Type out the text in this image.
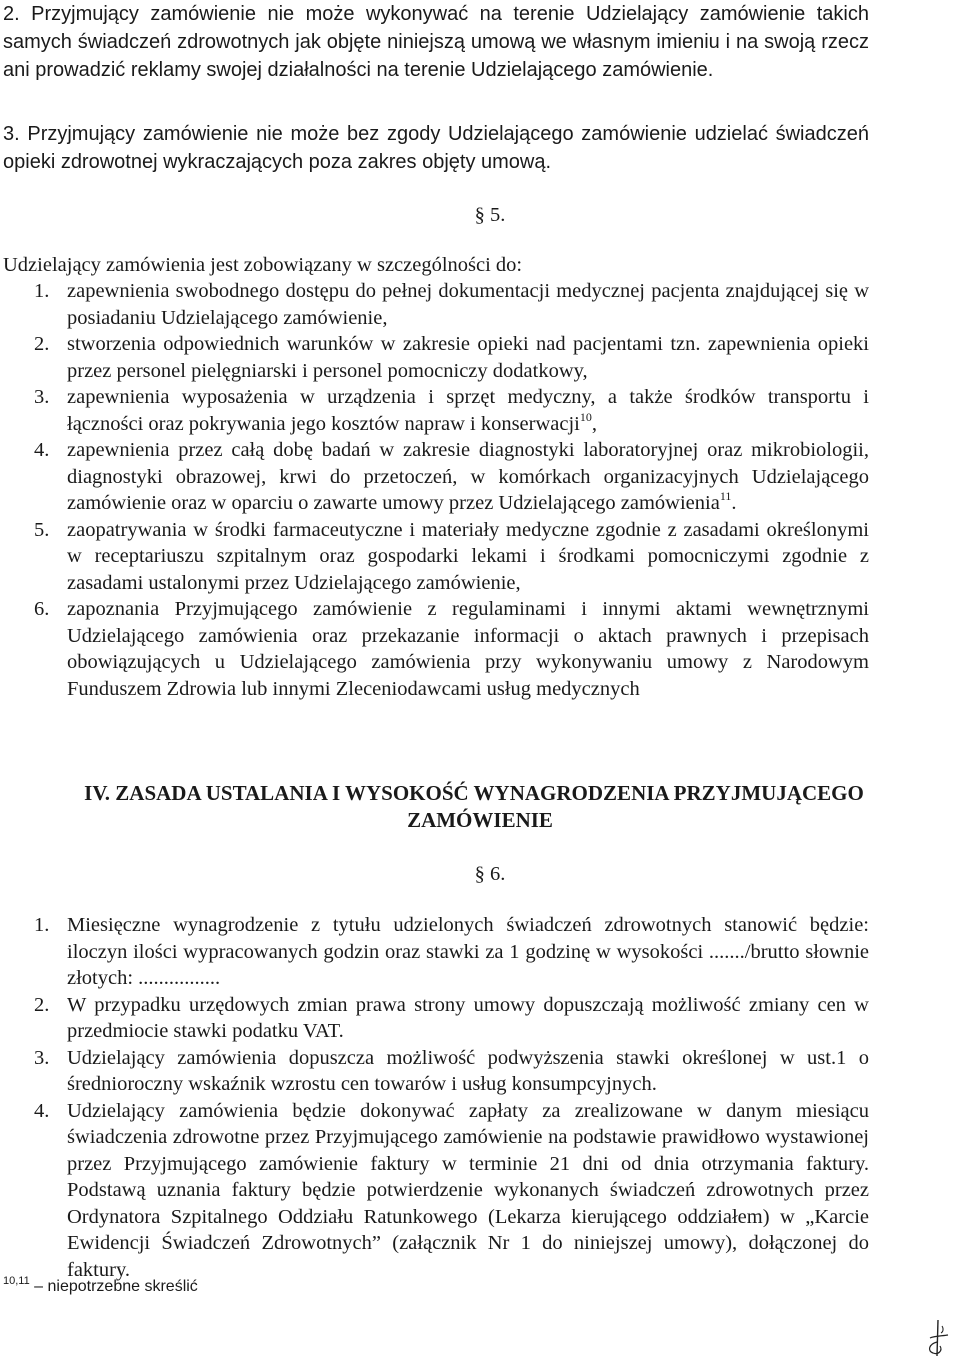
2. Przyjmujący zamówienie nie może wykonywać na terenie Udzielający zamówienie takich samych świadczeń zdrowotnych jak objęte niniejszą umową we własnym imieniu i na swoją rzecz ani prowadzić reklamy swojej działalności na terenie Udzielającego zamówienie.

3. Przyjmujący zamówienie nie może bez zgody Udzielającego zamówienie udzielać świadczeń opieki zdrowotnej wykraczających poza zakres objęty umową.

§ 5.

Udzielający zamówienia jest zobowiązany w szczególności do:

1. zapewnienia swobodnego dostępu do pełnej dokumentacji medycznej pacjenta znajdującej się w posiadaniu Udzielającego zamówienie,
2. stworzenia odpowiednich warunków w zakresie opieki nad pacjentami tzn. zapewnienia opieki przez personel pielęgniarski i personel pomocniczy dodatkowy,
3. zapewnienia wyposażenia w urządzenia i sprzęt medyczny, a także środków transportu i łączności oraz pokrywania jego kosztów napraw i konserwacji$^{10}$,
4. zapewnienia przez całą dobę badań w zakresie diagnostyki laboratoryjnej oraz mikrobiologii, diagnostyki obrazowej, krwi do przetoczeń, w komórkach organizacyjnych Udzielającego zamówienie oraz w oparciu o zawarte umowy przez Udzielającego zamówienia$^{11}$.
5. zaopatrywania w środki farmaceutyczne i materiały medyczne zgodnie z zasadami określonymi w receptariuszu szpitalnym oraz gospodarki lekami i środkami pomocniczymi zgodnie z zasadami ustalonymi przez Udzielającego zamówienie,
6. zapoznania Przyjmującego zamówienie z regulaminami i innymi aktami wewnętrznymi Udzielającego zamówienia oraz przekazanie informacji o aktach prawnych i przepisach obowiązujących u Udzielającego zamówienia przy wykonywaniu umowy z Narodowym Funduszem Zdrowia lub innymi Zleceniodawcami usług medycznych
IV. ZASADA USTALANIA I WYSOKOŚĆ WYNAGRODZENIA PRZYJMUJĄCEGO
ZAMÓWIENIE
§ 6.
1. Miesięczne wynagrodzenie z tytułu udzielonych świadczeń zdrowotnych stanowić będzie: iloczyn ilości wypracowanych godzin oraz stawki za 1 godzinę w wysokości ......./brutto słownie złotych: ................
2. W przypadku urzędowych zmian prawa strony umowy dopuszczają możliwość zmiany cen w przedmiocie stawki podatku VAT.
3. Udzielający zamówienia dopuszcza możliwość podwyższenia stawki określonej w ust.1 o średnioroczny wskaźnik wzrostu cen towarów i usług konsumpcyjnych.
4. Udzielający zamówienia będzie dokonywać zapłaty za zrealizowane w danym miesiącu świadczenia zdrowotne przez Przyjmującego zamówienie na podstawie prawidłowo wystawionej przez Przyjmującego zamówienie faktury w terminie 21 dni od dnia otrzymania faktury. Podstawą uznania faktury będzie potwierdzenie wykonanych świadczeń zdrowotnych przez Ordynatora Szpitalnego Oddziału Ratunkowego (Lekarza kierującego oddziałem) w „Karcie Ewidencji Świadczeń Zdrowotnych” (załącznik Nr 1 do niniejszej umowy), dołączonej do faktury.
$^{10,11}$ – niepotrzebne skreślić
